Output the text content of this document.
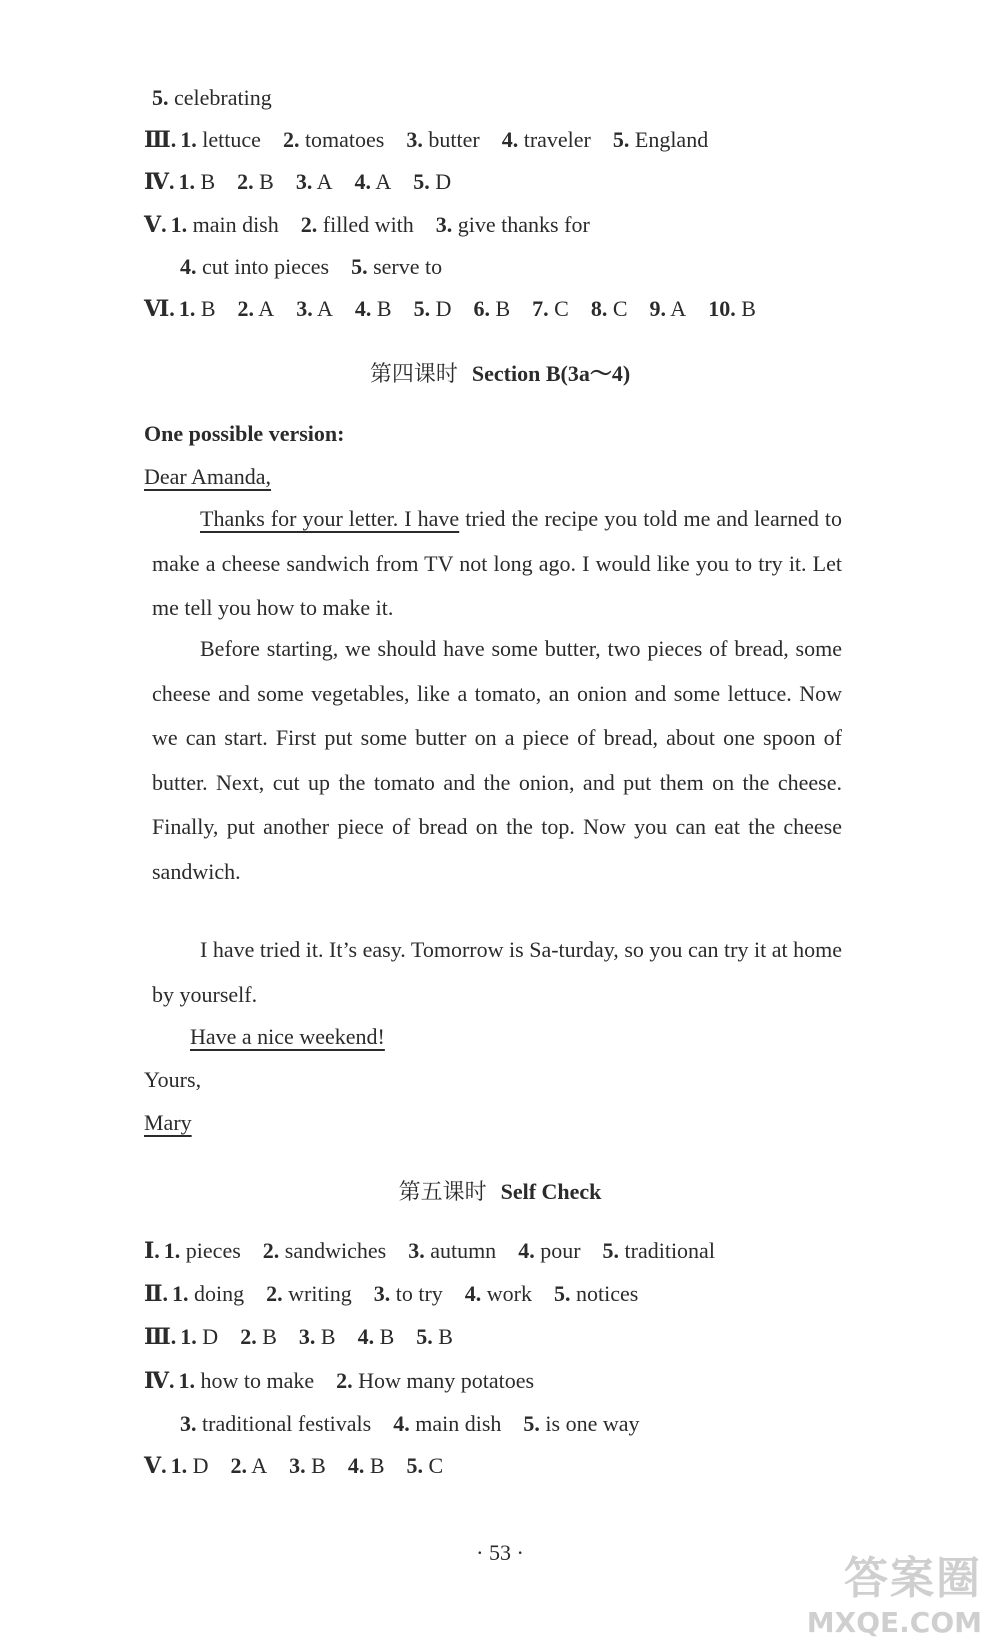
5. celebrating
Ⅲ. 1. lettuce 2. tomatoes 3. butter 4. traveler 5. England
Ⅳ. 1. B 2. B 3. A 4. A 5. D
Ⅴ. 1. main dish 2. filled with 3. give thanks for
4. cut into pieces 5. serve to
Ⅵ. 1. B 2. A 3. A 4. B 5. D 6. B 7. C 8. C 9. A 10. B
第四课时 Section B(3a～4)
One possible version:
Dear Amanda,
Thanks for your letter. I have tried the recipe you told me and learned to make a cheese sandwich from TV not long ago. I would like you to try it. Let me tell you how to make it.
Before starting, we should have some butter, two pieces of bread, some cheese and some vegetables, like a tomato, an onion and some lettuce. Now we can start. First put some butter on a piece of bread, about one spoon of butter. Next, cut up the tomato and the onion, and put them on the cheese. Finally, put another piece of bread on the top. Now you can eat the cheese sandwich.
I have tried it. It’s easy. Tomorrow is Sa-turday, so you can try it at home by yourself.
Have a nice weekend!
Yours,
Mary
第五课时 Self Check
Ⅰ. 1. pieces 2. sandwiches 3. autumn 4. pour 5. traditional
Ⅱ. 1. doing 2. writing 3. to try 4. work 5. notices
Ⅲ. 1. D 2. B 3. B 4. B 5. B
Ⅳ. 1. how to make 2. How many potatoes
3. traditional festivals 4. main dish 5. is one way
Ⅴ. 1. D 2. A 3. B 4. B 5. C
· 53 ·
答案圈
MXQE.COM
